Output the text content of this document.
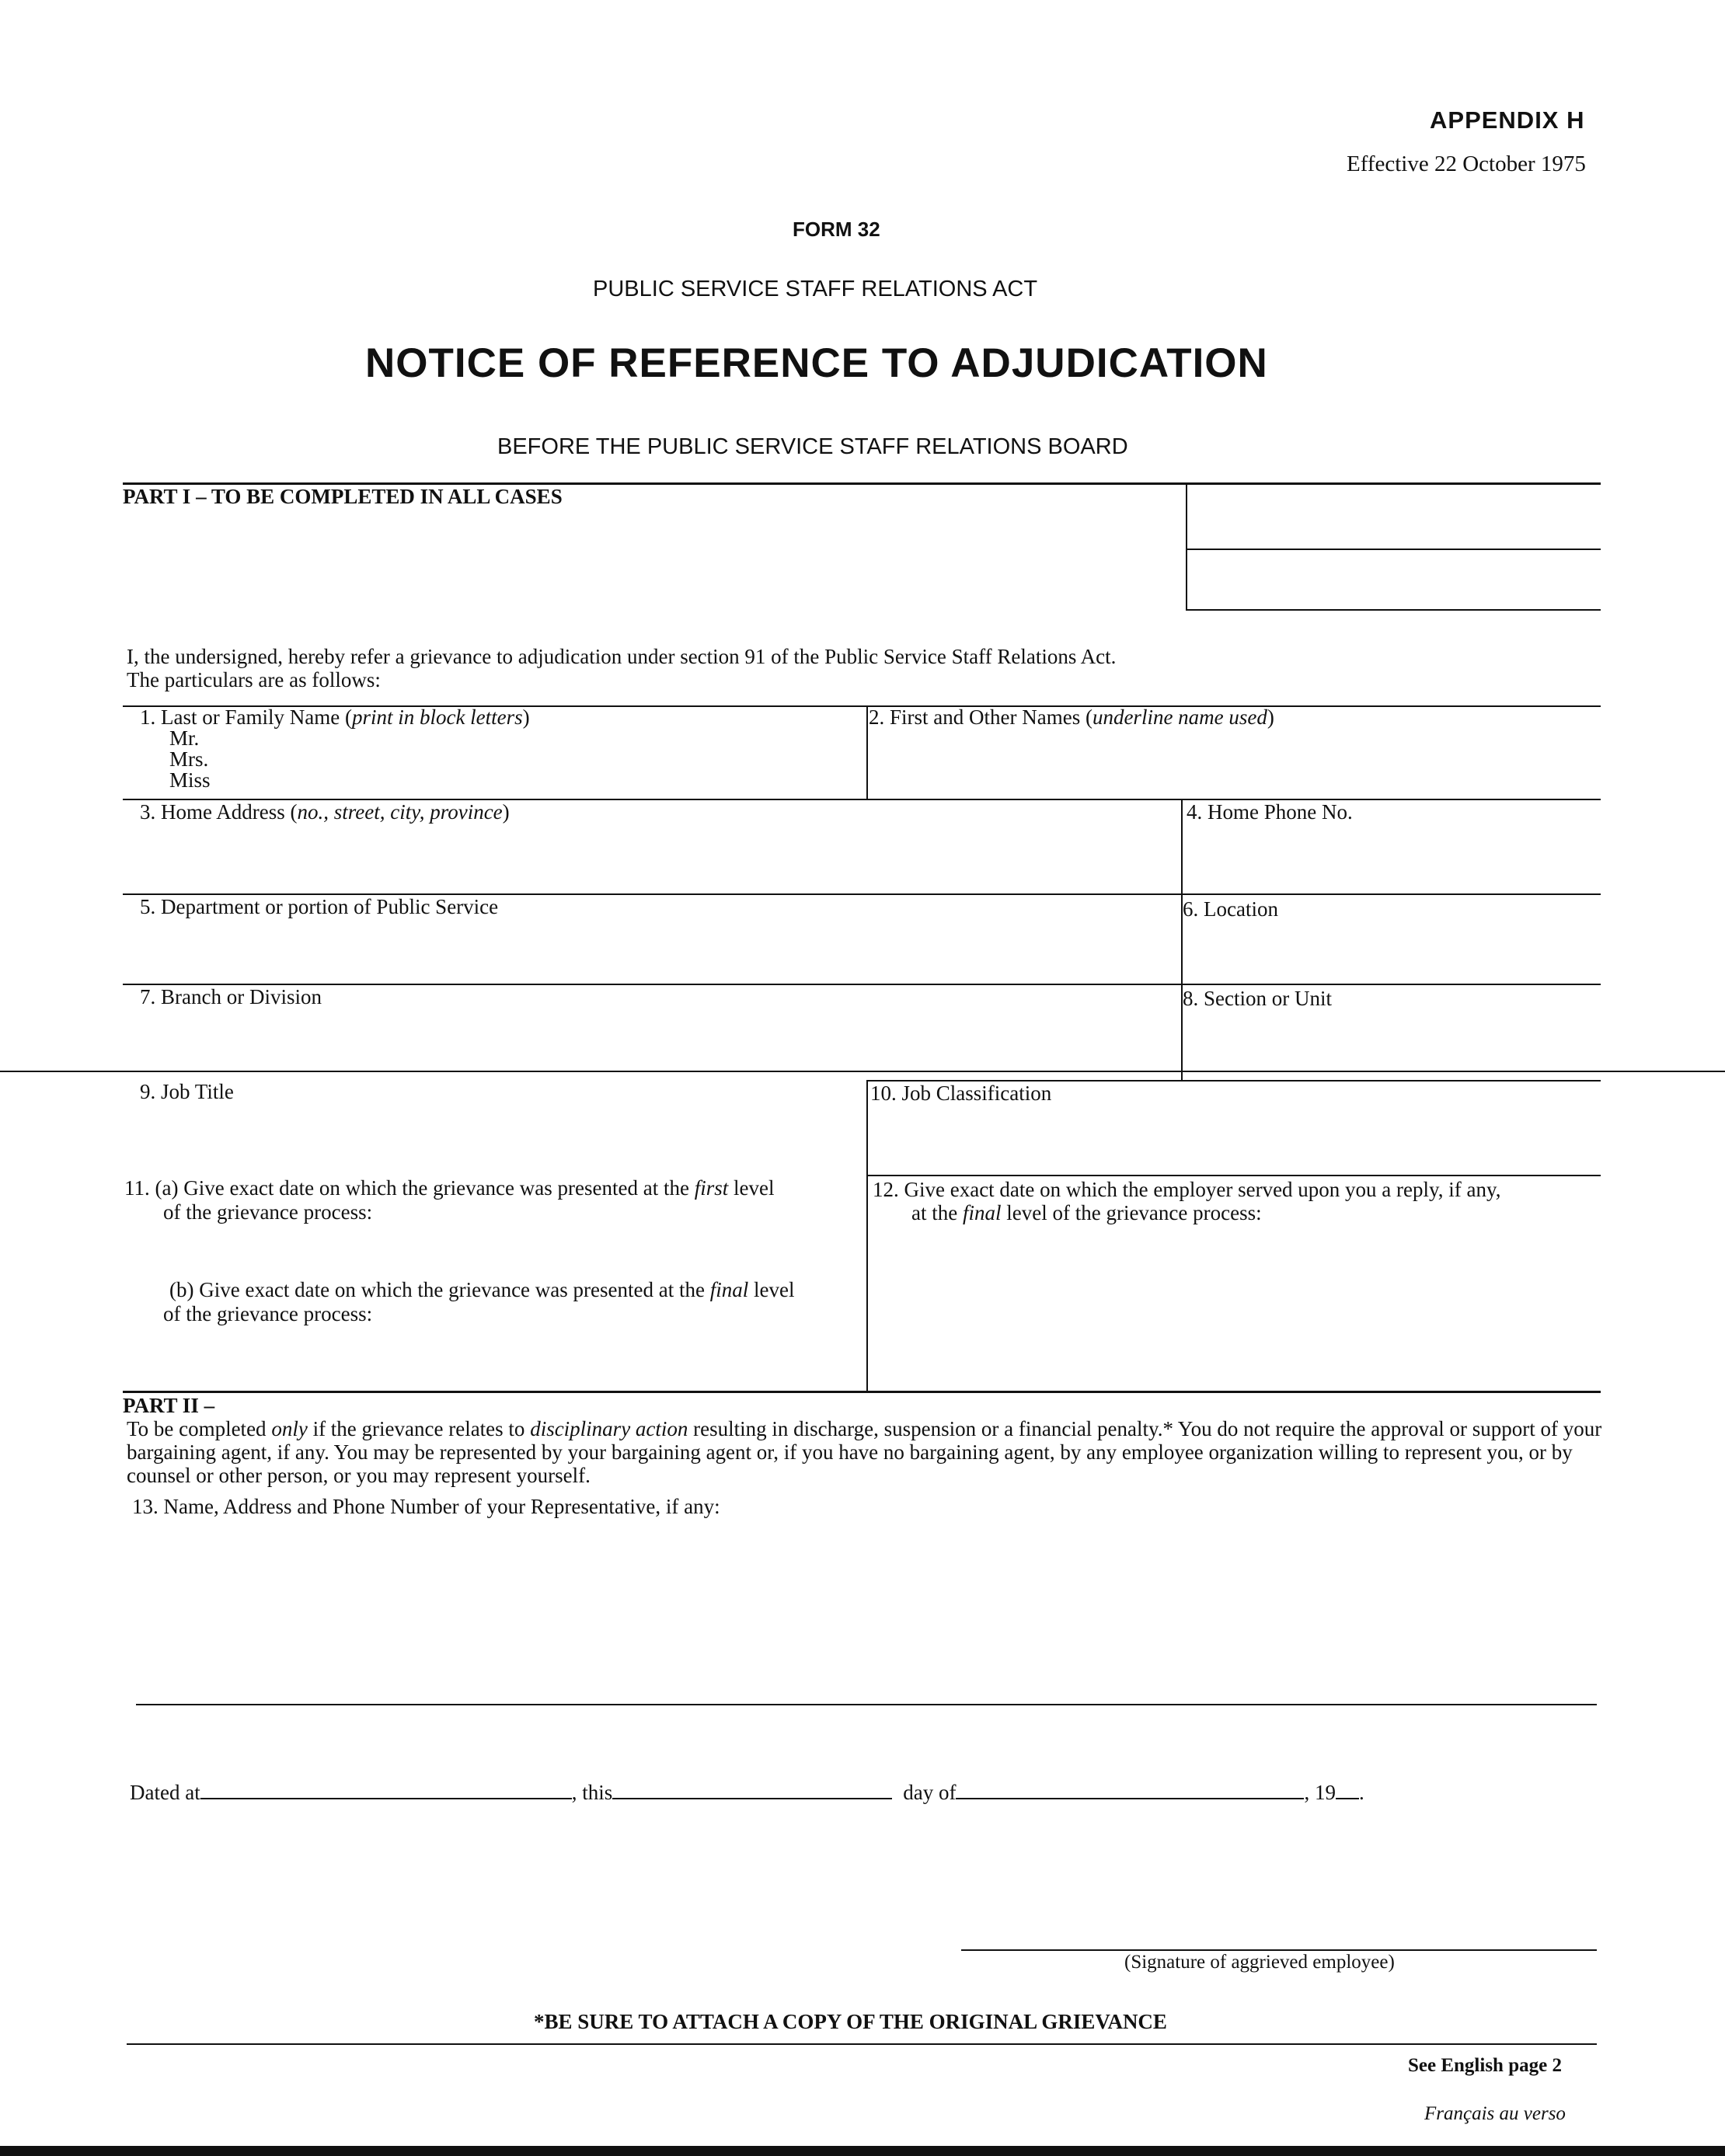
APPENDIX H
Effective 22 October 1975
FORM 32
PUBLIC SERVICE STAFF RELATIONS ACT
NOTICE OF REFERENCE TO ADJUDICATION
BEFORE THE PUBLIC SERVICE STAFF RELATIONS BOARD
PART I – TO BE COMPLETED IN ALL CASES
I, the undersigned, hereby refer a grievance to adjudication under section 91 of the Public Service Staff Relations Act.
The particulars are as follows:
1. Last or Family Name (print in block letters)
Mr.
Mrs.
Miss
2. First and Other Names (underline name used)
3. Home Address (no., street, city, province)	4. Home Phone No.
5. Department or portion of Public Service	6. Location
7. Branch or Division	8. Section or Unit
9. Job Title	10. Job Classification
11. (a) Give exact date on which the grievance was presented at the first level
of the grievance process:
(b) Give exact date on which the grievance was presented at the final level
of the grievance process:
12. Give exact date on which the employer served upon you a reply, if any,
at the final level of the grievance process:
PART II –
To be completed only if the grievance relates to disciplinary action resulting in discharge, suspension or a financial penalty.* You do not require the approval or support of your bargaining agent, if any. You may be represented by your bargaining agent or, if you have no bargaining agent, by any employee organization willing to represent you, or by counsel or other person, or you may represent yourself.
13. Name, Address and Phone Number of your Representative, if any:
Dated at	, this	day of	, 19 .
(Signature of aggrieved employee)
*BE SURE TO ATTACH A COPY OF THE ORIGINAL GRIEVANCE
See English page 2
Français au verso
